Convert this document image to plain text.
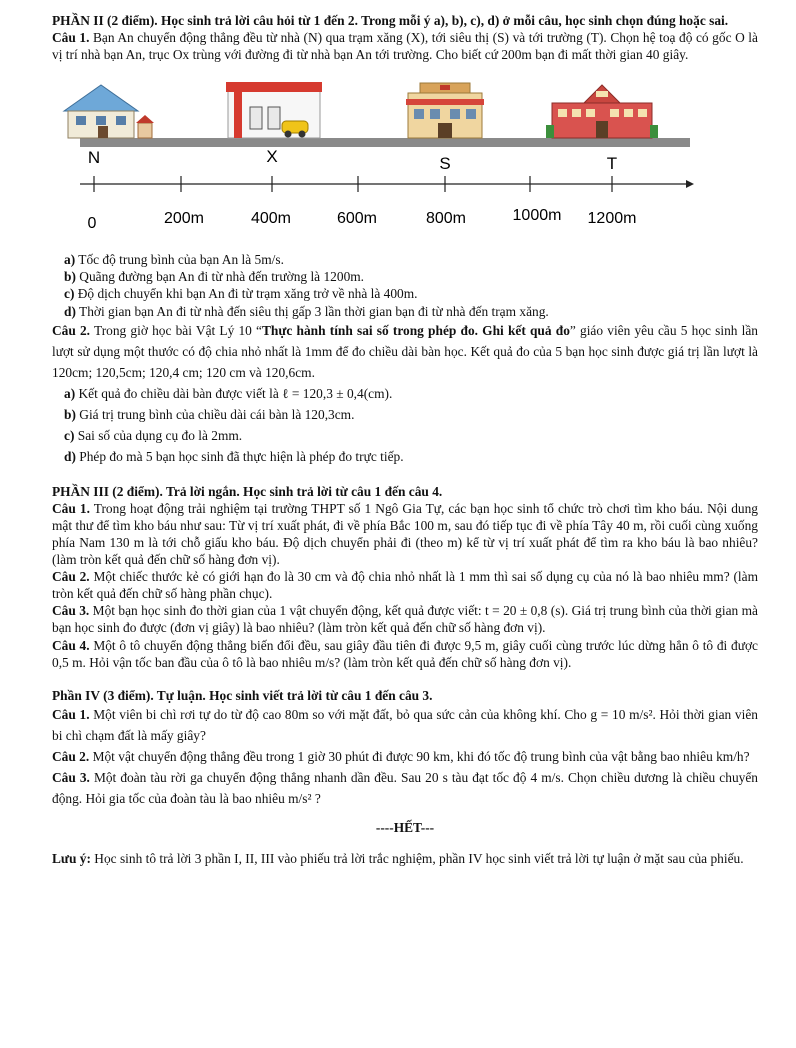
PHẦN II (2 điểm). Học sinh trả lời câu hỏi từ 1 đến 2. Trong mỗi ý a), b), c), d) ở mỗi câu, học sinh chọn đúng hoặc sai.

Câu 1. Bạn An chuyển động thẳng đều từ nhà (N) qua trạm xăng (X), tới siêu thị (S) và tới trường (T). Chọn hệ toạ độ có gốc O là vị trí nhà bạn An, trục Ox trùng với đường đi từ nhà bạn An tới trường. Cho biết cứ 200m bạn đi mất thời gian 40 giây.

N	X	S	T
0	200m	400m	600m	800m	1000m 1200m

a) Tốc độ trung bình của bạn An là 5m/s.

b) Quãng đường bạn An đi từ nhà đến trường là 1200m.

c) Độ dịch chuyển khi bạn An đi từ trạm xăng trở về nhà là 400m.

d) Thời gian bạn An đi từ nhà đến siêu thị gấp 3 lần thời gian bạn đi từ nhà đến trạm xăng.

Câu 2. Trong giờ học bài Vật Lý 10 “Thực hành tính sai số trong phép đo. Ghi kết quả đo” giáo viên yêu cầu 5 học sinh lần lượt sử dụng một thước có độ chia nhỏ nhất là 1mm để đo chiều dài bàn học. Kết quả đo của 5 bạn học sinh được giá trị lần lượt là 120cm; 120,5cm; 120,4 cm; 120 cm và 120,6cm.

a) Kết quả đo chiều dài bàn được viết là ℓ = 120,3 ± 0,4(cm).

b) Giá trị trung bình của chiều dài cái bàn là 120,3cm.

c) Sai số của dụng cụ đo là 2mm.

d) Phép đo mà 5 bạn học sinh đã thực hiện là phép đo trực tiếp.

PHẦN III (2 điểm). Trả lời ngắn. Học sinh trả lời từ câu 1 đến câu 4.

Câu 1. Trong hoạt động trải nghiệm tại trường THPT số 1 Ngô Gia Tự, các bạn học sinh tổ chức trò chơi tìm kho báu. Nội dung mật thư để tìm kho báu như sau: Từ vị trí xuất phát, đi về phía Bắc 100 m, sau đó tiếp tục đi về phía Tây 40 m, rồi cuối cùng xuống phía Nam 130 m là tới chỗ giấu kho báu. Độ dịch chuyển phải đi (theo m) kể từ vị trí xuất phát để tìm ra kho báu là bao nhiêu? (làm tròn kết quả đến chữ số hàng đơn vị).

Câu 2. Một chiếc thước kẻ có giới hạn đo là 30 cm và độ chia nhỏ nhất là 1 mm thì sai số dụng cụ của nó là bao nhiêu mm? (làm tròn kết quả đến chữ số hàng phần chục).

Câu 3. Một bạn học sinh đo thời gian của 1 vật chuyển động, kết quả được viết: t = 20 ± 0,8 (s). Giá trị trung bình của thời gian mà bạn học sinh đo được (đơn vị giây) là bao nhiêu? (làm tròn kết quả đến chữ số hàng đơn vị).

Câu 4. Một ô tô chuyển động thẳng biến đổi đều, sau giây đầu tiên đi được 9,5 m, giây cuối cùng trước lúc dừng hẳn ô tô đi được 0,5 m. Hỏi vận tốc ban đầu của ô tô là bao nhiêu m/s? (làm tròn kết quả đến chữ số hàng đơn vị).

Phần IV (3 điểm). Tự luận. Học sinh viết trả lời từ câu 1 đến câu 3.

Câu 1. Một viên bi chì rơi tự do từ độ cao 80m so với mặt đất, bỏ qua sức cản của không khí. Cho g = 10 m/s². Hỏi thời gian viên bi chì chạm đất là mấy giây?

Câu 2. Một vật chuyển động thẳng đều trong 1 giờ 30 phút đi được 90 km, khi đó tốc độ trung bình của vật bằng bao nhiêu km/h?

Câu 3. Một đoàn tàu rời ga chuyển động thẳng nhanh dần đều. Sau 20 s tàu đạt tốc độ 4 m/s. Chọn chiều dương là chiều chuyển động. Hỏi gia tốc của đoàn tàu là bao nhiêu m/s² ?

----HẾT---

Lưu ý: Học sinh tô trả lời 3 phần I, II, III vào phiếu trả lời trắc nghiệm, phần IV học sinh viết trả lời tự luận ở mặt sau của phiếu.
